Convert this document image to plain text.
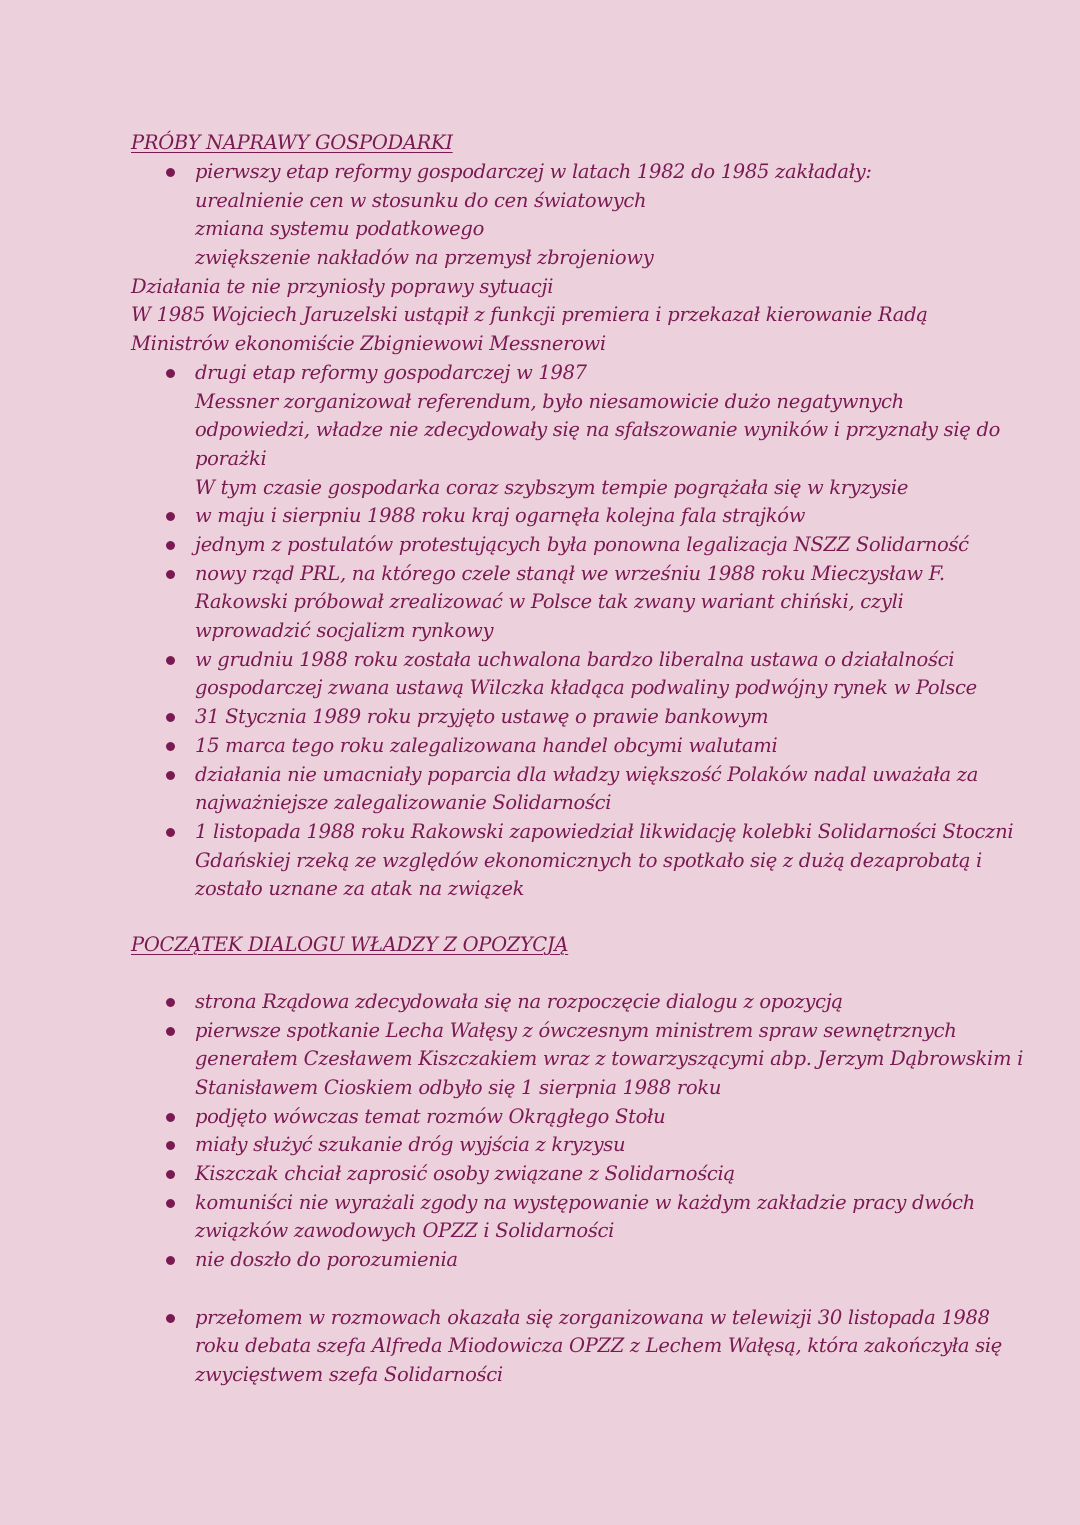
PRÓBY NAPRAWY GOSPODARKI
pierwszy etap reformy gospodarczej w latach 1982 do 1985 zakładały:
urealnienie cen w stosunku do cen światowych
zmiana systemu podatkowego
zwiększenie nakładów na przemysł zbrojeniowy
Działania te nie przyniosły poprawy sytuacji
W 1985 Wojciech Jaruzelski ustąpił z funkcji premiera i przekazał kierowanie Radą
Ministrów ekonomiście Zbigniewowi Messnerowi
drugi etap reformy gospodarczej w 1987
Messner zorganizował referendum, było niesamowicie dużo negatywnych
odpowiedzi, władze nie zdecydowały się na sfałszowanie wyników i przyznały się do
porażki
W tym czasie gospodarka coraz szybszym tempie pogrążała się w kryzysie
w maju i sierpniu 1988 roku kraj ogarnęła kolejna fala strajków
jednym z postulatów protestujących była ponowna legalizacja NSZZ Solidarność
nowy rząd PRL, na którego czele stanął we wrześniu 1988 roku Mieczysław F.
Rakowski próbował zrealizować w Polsce tak zwany wariant chiński, czyli
wprowadzić socjalizm rynkowy
w grudniu 1988 roku została uchwalona bardzo liberalna ustawa o działalności
gospodarczej zwana ustawą Wilczka kładąca podwaliny podwójny rynek w Polsce
31 Stycznia 1989 roku przyjęto ustawę o prawie bankowym
15 marca tego roku zalegalizowana handel obcymi walutami
działania nie umacniały poparcia dla władzy większość Polaków nadal uważała za
najważniejsze zalegalizowanie Solidarności
1 listopada 1988 roku Rakowski zapowiedział likwidację kolebki Solidarności Stoczni
Gdańskiej rzeką ze względów ekonomicznych to spotkało się z dużą dezaprobatą i
zostało uznane za atak na związek
POCZĄTEK DIALOGU WŁADZY Z OPOZYCJĄ
strona Rządowa zdecydowała się na rozpoczęcie dialogu z opozycją
pierwsze spotkanie Lecha Wałęsy z ówczesnym ministrem spraw sewnętrznych
generałem Czesławem Kiszczakiem wraz z towarzyszącymi abp. Jerzym Dąbrowskim i
Stanisławem Cioskiem odbyło się 1 sierpnia 1988 roku
podjęto wówczas temat rozmów Okrągłego Stołu
miały służyć szukanie dróg wyjścia z kryzysu
Kiszczak chciał zaprosić osoby związane z Solidarnością
komuniści nie wyrażali zgody na występowanie w każdym zakładzie pracy dwóch
związków zawodowych OPZZ i Solidarności
nie doszło do porozumienia
przełomem w rozmowach okazała się zorganizowana w telewizji 30 listopada 1988
roku debata szefa Alfreda Miodowicza OPZZ z Lechem Wałęsą, która zakończyła się
zwycięstwem szefa Solidarności
